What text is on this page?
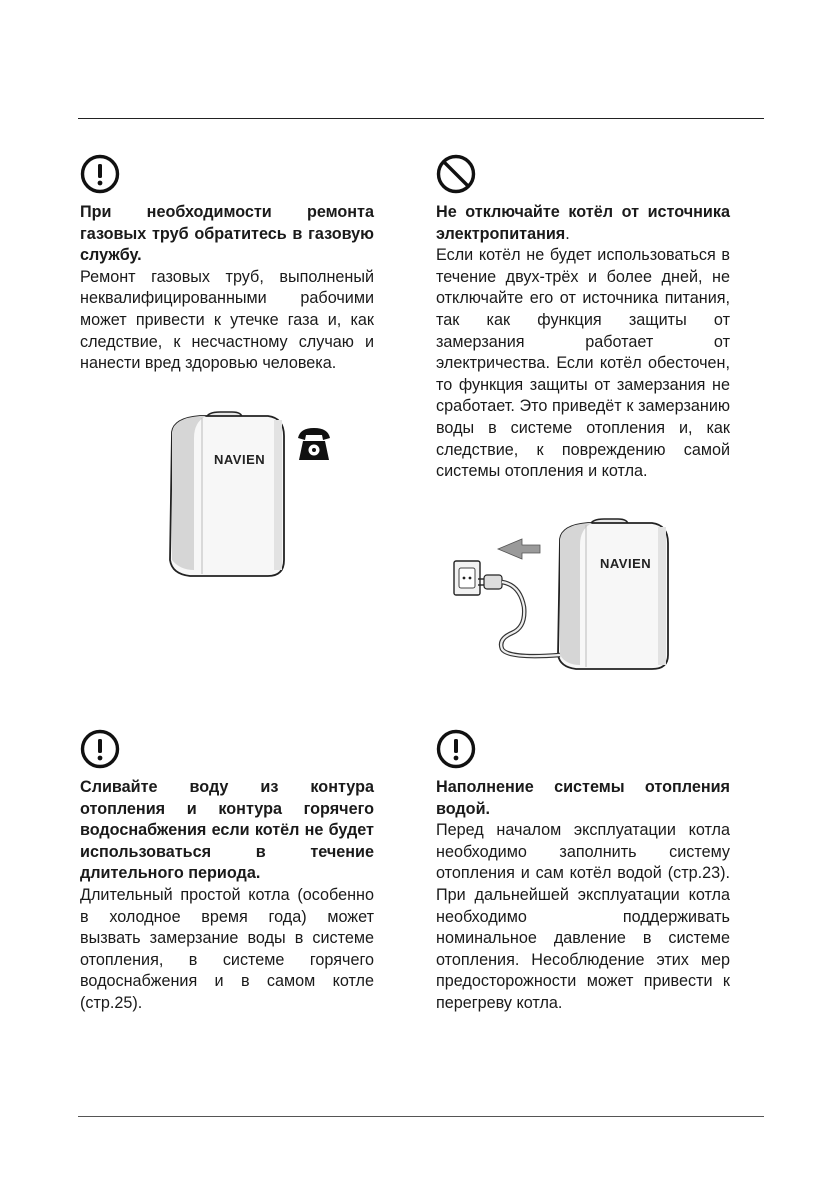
При необходимости ремонта газовых труб обратитесь в газовую службу.

Ремонт газовых труб, выполненый неквалифицированными рабочими может привести к утечке газа и, как следствие, к несчастному случаю и нанести вред здоровью человека.

NAVIEN

Не отключайте котёл от источника электропитания.

Если котёл не будет использоваться в течение двух-трёх и более дней, не отключайте его от источника питания, так как функция защиты от замерзания работает от электричества. Если котёл обесточен, то функция защиты от замерзания не сработает. Это приведёт к замерзанию воды в системе отопления и, как следствие, к повреждению самой системы отопления и котла.

NAVIEN

Сливайте воду из контура отопления и контура горячего водоснабжения если котёл не будет использоваться в течение длительного периода.

Длительный простой котла (особенно в холодное время года) может вызвать замерзание воды в системе отопления, в системе горячего водоснабжения и в самом котле (стр.25).

Наполнение системы отопления водой.

Перед началом эксплуатации котла необходимо заполнить систему отопления и сам котёл водой (стр.23). При дальнейшей эксплуатации котла необходимо поддерживать номинальное давление в системе отопления. Несоблюдение этих мер предосторожности может привести к перегреву котла.
